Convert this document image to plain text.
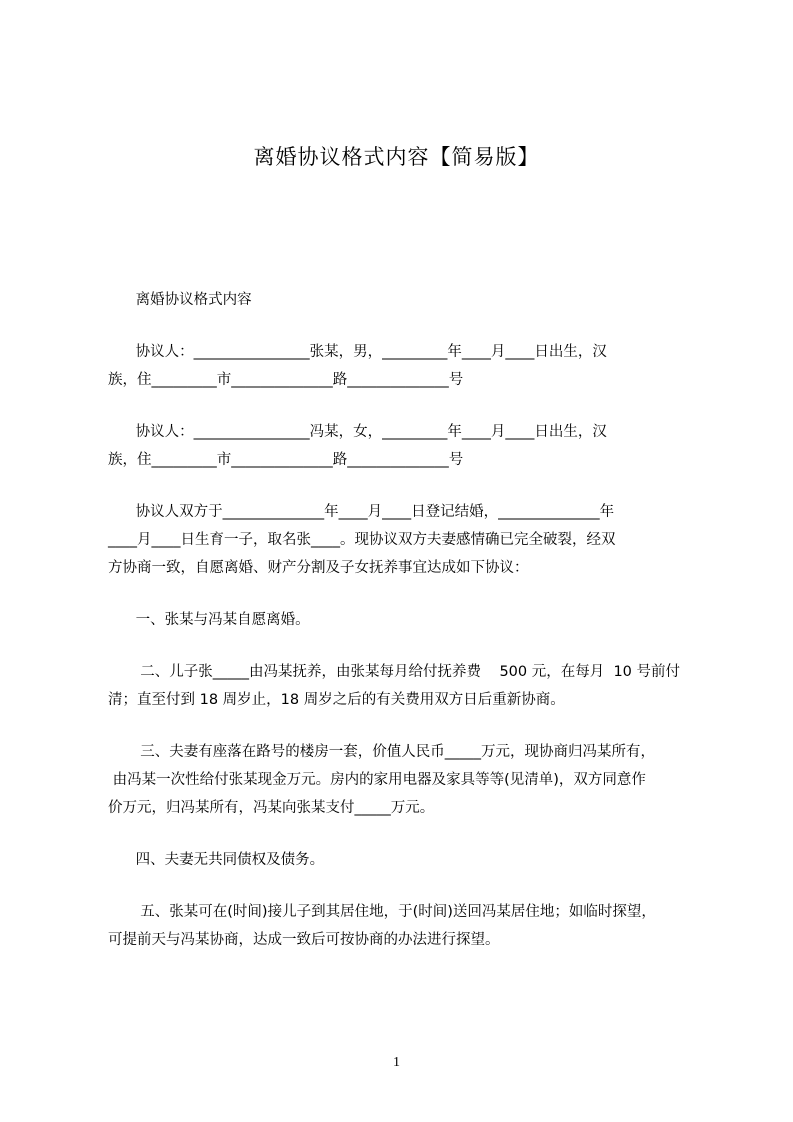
离婚协议格式内容【简易版】
离婚协议格式内容
协议人：________________张某，男，_________年____月____日出生，汉
族，住_________市______________路______________号
协议人：________________冯某，女，_________年____月____日出生，汉
族，住_________市______________路______________号
协议人双方于______________年____月____日登记结婚，______________年
____月____日生育一子，取名张____。现协议双方夫妻感情确已完全破裂，经双
方协商一致，自愿离婚、财产分割及子女抚养事宜达成如下协议：
一、张某与冯某自愿离婚。
二、儿子张_____由冯某抚养，由张某每月给付抚养费    500 元，在每月  10 号前付
清；直至付到 18 周岁止，18 周岁之后的有关费用双方日后重新协商。
三、夫妻有座落在路号的楼房一套，价值人民币_____万元，现协商归冯某所有，
由冯某一次性给付张某现金万元。房内的家用电器及家具等等(见清单)，双方同意作
价万元，归冯某所有，冯某向张某支付_____万元。
四、夫妻无共同债权及债务。
五、张某可在(时间)接儿子到其居住地，于(时间)送回冯某居住地；如临时探望，
可提前天与冯某协商，达成一致后可按协商的办法进行探望。
1
